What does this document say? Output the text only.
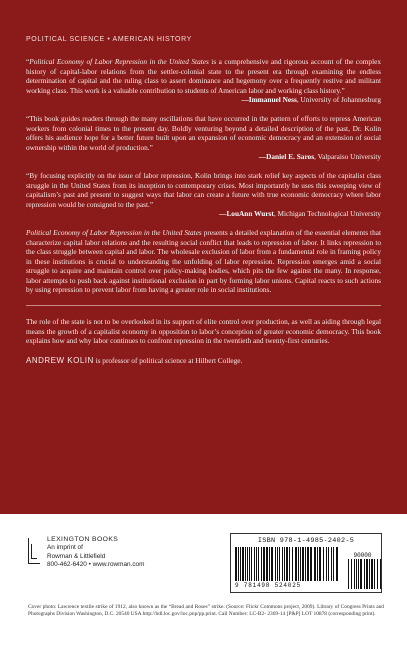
POLITICAL SCIENCE • AMERICAN HISTORY

“Political Economy of Labor Repression in the United States is a comprehensive and rigorous account of the complex history of capital-labor relations from the settler-colonial state to the present era through examining the endless determination of capital and the ruling class to assert dominance and hegemony over a frequently restive and militant working class. This work is a valuable contribution to students of American labor and working class history.”
—Immanuel Ness, University of Johannesburg

“This book guides readers through the many oscillations that have occurred in the pattern of efforts to repress American workers from colonial times to the present day. Boldly venturing beyond a detailed description of the past, Dr. Kolin offers his audience hope for a better future built upon an expansion of economic democracy and an extension of social ownership within the world of production.”
—Daniel E. Saros, Valparaiso University

“By focusing explicitly on the issue of labor repression, Kolin brings into stark relief key aspects of the capitalist class struggle in the United States from its inception to contemporary crises. Most importantly he uses this sweeping view of capitalism’s past and present to suggest ways that labor can create a future with true economic democracy where labor repression would be consigned to the past.”
—LouAnn Wurst, Michigan Technological University

Political Economy of Labor Repression in the United States presents a detailed explanation of the essential elements that characterize capital labor relations and the resulting social conflict that leads to repression of labor. It links repression to the class struggle between capital and labor. The wholesale exclusion of labor from a fundamental role in framing policy in these institutions is crucial to understanding the unfolding of labor repression. Repression emerges amid a social struggle to acquire and maintain control over policy-making bodies, which pits the few against the many. In response, labor attempts to push back against institutional exclusion in part by forming labor unions. Capital reacts to such actions by using repression to prevent labor from having a greater role in social institutions.

The role of the state is not to be overlooked in its support of elite control over production, as well as aiding through legal means the growth of a capitalist economy in opposition to labor’s conception of greater economic democracy. This book explains how and why labor continues to confront repression in the twentieth and twenty-first centuries.

ANDREW KOLIN is professor of political science at Hilbert College.

LEXINGTON BOOKS
An imprint of
Rowman & Littlefield
800-462-6420 • www.rowman.com
ISBN 978-1-4985-2402-5
9 781498 524025
90000

Cover photo: Lawrence textile strike of 1912, also known as the “Bread and Roses” strike. (Source: Flickr Commons project, 2009). Library of Congress Prints and Photographs Division Washington, D.C. 20540 USA http://hdl.loc.gov/loc.pnp/pp.print. Call Number: LC-B2- 2369-14 [P&P] LOT 10878 (corresponding print).
